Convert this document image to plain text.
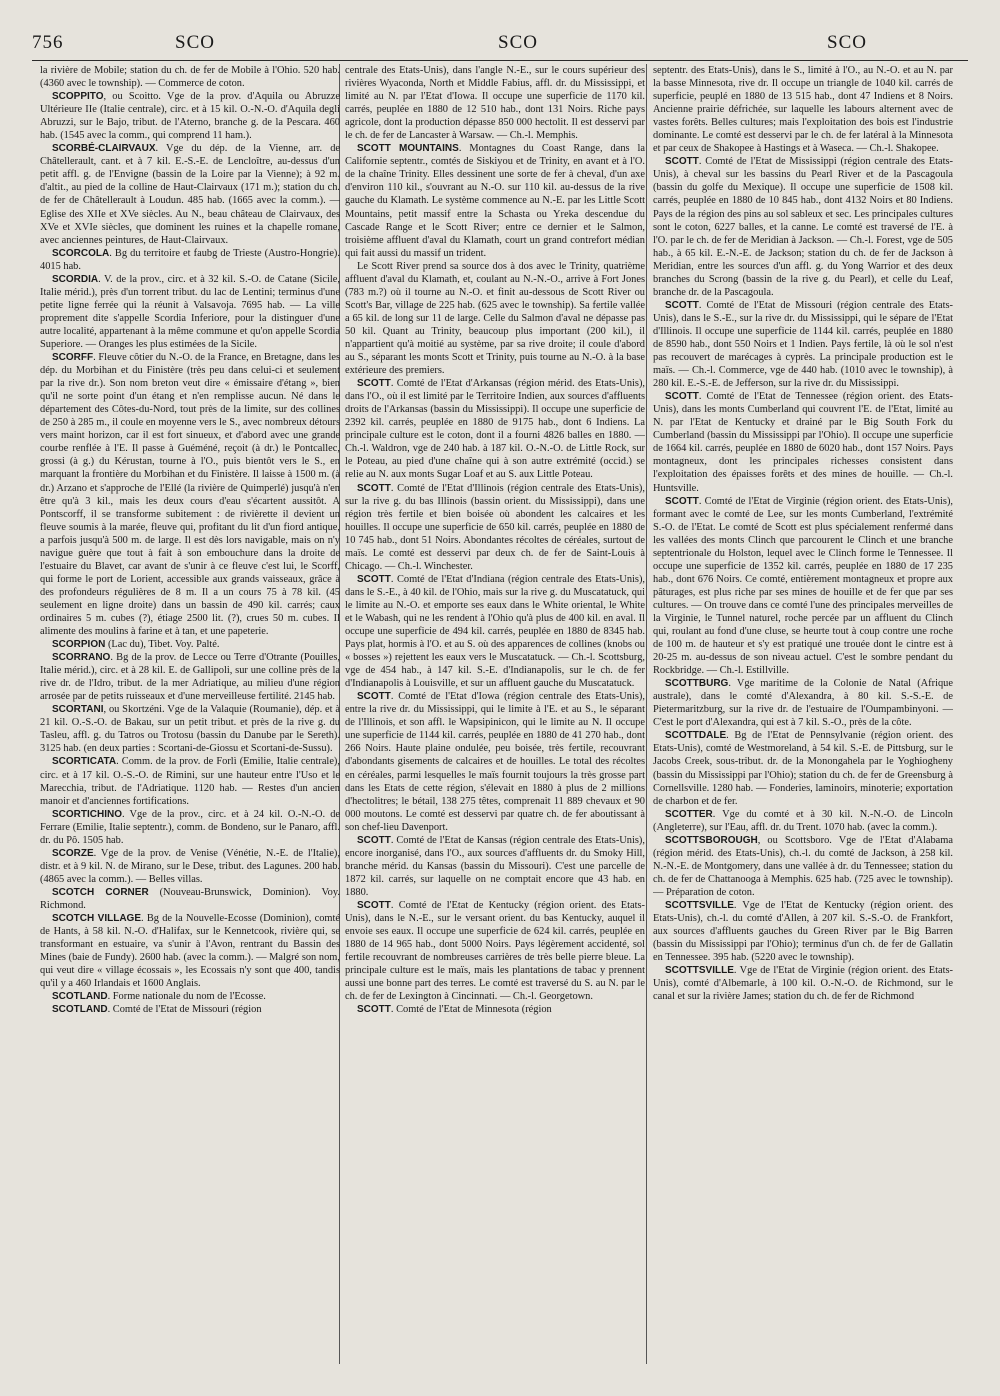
756	SCO	SCO	SCO

la rivière de Mobile; station du ch. de fer de Mobile à l'Ohio. 520 hab. (4360 avec le township). — Commerce de coton.

SCOPPITO, ou Scoitto. Vge de la prov. d'Aquila ou Abruzze Ultérieure IIe (Italie centrale), circ. et à 15 kil. O.-N.-O. d'Aquila degli Abruzzi, sur le Bajo, tribut. de l'Aterno, branche g. de la Pescara. 460 hab. (1545 avec la comm., qui comprend 11 ham.).

SCORBÉ-CLAIRVAUX. Vge du dép. de la Vienne, arr. de Châtellerault, cant. et à 7 kil. E.-S.-E. de Lencloître, au-dessus d'un petit affl. g. de l'Envigne (bassin de la Loire par la Vienne); à 92 m. d'altit., au pied de la colline de Haut-Clairvaux (171 m.); station du ch. de fer de Châtellerault à Loudun. 485 hab. (1665 avec la comm.). — Eglise des XIIe et XVe siècles. Au N., beau château de Clairvaux, des XVe et XVIe siècles, que dominent les ruines et la chapelle romane, avec anciennes peintures, de Haut-Clairvaux.

SCORCOLA. Bg du territoire et faubg de Trieste (Austro-Hongrie). 4015 hab.

SCORDIA. V. de la prov., circ. et à 32 kil. S.-O. de Catane (Sicile, Italie mérid.), près d'un torrent tribut. du lac de Lentini; terminus d'une petite ligne ferrée qui la réunit à Valsavoja. 7695 hab. — La ville proprement dite s'appelle Scordia Inferiore, pour la distinguer d'une autre localité, appartenant à la même commune et qu'on appelle Scordia Superiore. — Oranges les plus estimées de la Sicile.

SCORFF. Fleuve côtier du N.-O. de la France, en Bretagne, dans les dép. du Morbihan et du Finistère (très peu dans celui-ci et seulement par la rive dr.). Son nom breton veut dire « émissaire d'étang », bien qu'il ne sorte point d'un étang et n'en remplisse aucun. Né dans le département des Côtes-du-Nord, tout près de la limite, sur des collines de 250 à 285 m., il coule en moyenne vers le S., avec nombreux détours vers maint horizon, car il est fort sinueux, et d'abord avec une grande courbe renflée à l'E. Il passe à Guéméné, reçoit (à dr.) le Pontcallec, grossi (à g.) du Kérustan, tourne à l'O., puis bientôt vers le S., en marquant la frontière du Morbihan et du Finistère. Il laisse à 1500 m. (à dr.) Arzano et s'approche de l'Ellé (la rivière de Quimperlé) jusqu'à n'en être qu'à 3 kil., mais les deux cours d'eau s'écartent aussitôt. A Pontscorff, il se transforme subitement : de rivièrette il devient un fleuve soumis à la marée, fleuve qui, profitant du lit d'un fiord antique, a parfois jusqu'à 500 m. de large. Il est dès lors navigable, mais on n'y navigue guère que tout à fait à son embouchure dans la droite de l'estuaire du Blavet, car avant de s'unir à ce fleuve c'est lui, le Scorff, qui forme le port de Lorient, accessible aux grands vaisseaux, grâce à des profondeurs régulières de 8 m. Il a un cours 75 à 78 kil. (45 seulement en ligne droite) dans un bassin de 490 kil. carrés; caux ordinaires 5 m. cubes (?), étiage 2500 lit. (?), crues 50 m. cubes. Il alimente des moulins à farine et à tan, et une papeterie.

SCORPION (Lac du), Tibet. Voy. Palté.

SCORRANO. Bg de la prov. de Lecce ou Terre d'Otrante (Pouilles, Italie mérid.), circ. et à 28 kil. E. de Gallipoli, sur une colline près de la rive dr. de l'Idro, tribut. de la mer Adriatique, au milieu d'une région arrosée par de petits ruisseaux et d'une merveilleuse fertilité. 2145 hab.

SCORTANI, ou Skortzéni. Vge de la Valaquie (Roumanie), dép. et à 21 kil. O.-S.-O. de Bakau, sur un petit tribut. et près de la rive g. du Tasleu, affl. g. du Tatros ou Trotosu (bassin du Danube par le Sereth). 3125 hab. (en deux parties : Scortani-de-Giossu et Scortani-de-Sussu).

SCORTICATA. Comm. de la prov. de Forlì (Emilie, Italie centrale), circ. et à 17 kil. O.-S.-O. de Rimini, sur une hauteur entre l'Uso et le Marecchia, tribut. de l'Adriatique. 1120 hab. — Restes d'un ancien manoir et d'anciennes fortifications.

SCORTICHINO. Vge de la prov., circ. et à 24 kil. O.-N.-O. de Ferrare (Emilie, Italie septentr.), comm. de Bondeno, sur le Panaro, affl. dr. du Pô. 1505 hab.

SCORZE. Vge de la prov. de Venise (Vénétie, N.-E. de l'Italie), distr. et à 9 kil. N. de Mirano, sur le Dese, tribut. des Lagunes. 200 hab. (4865 avec la comm.). — Belles villas.

SCOTCH CORNER (Nouveau-Brunswick, Dominion). Voy. Richmond.

SCOTCH VILLAGE. Bg de la Nouvelle-Ecosse (Dominion), comté de Hants, à 58 kil. N.-O. d'Halifax, sur le Kennetcook, rivière qui, se transformant en estuaire, va s'unir à l'Avon, rentrant du Bassin des Mines (baie de Fundy). 2600 hab. (avec la comm.). — Malgré son nom, qui veut dire « village écossais », les Ecossais n'y sont que 400, tandis qu'il y a 460 Irlandais et 1600 Anglais.

SCOTLAND. Forme nationale du nom de l'Ecosse.

SCOTLAND. Comté de l'Etat de Missouri (région

centrale des Etats-Unis), dans l'angle N.-E., sur le cours supérieur des rivières Wyaconda, North et Middle Fabius, affl. dr. du Mississippi, et limité au N. par l'Etat d'Iowa. Il occupe une superficie de 1170 kil. carrés, peuplée en 1880 de 12 510 hab., dont 131 Noirs. Riche pays agricole, dont la production dépasse 850 000 hectolit. Il est desservi par le ch. de fer de Lancaster à Warsaw. — Ch.-l. Memphis.

SCOTT MOUNTAINS. Montagnes du Coast Range, dans la Californie septentr., comtés de Siskiyou et de Trinity, en avant et à l'O. de la chaîne Trinity. Elles dessinent une sorte de fer à cheval, d'un axe d'environ 110 kil., s'ouvrant au N.-O. sur 110 kil. au-dessus de la rive gauche du Klamath. Le système commence au N.-E. par les Little Scott Mountains, petit massif entre la Schasta ou Yreka descendue du Cascade Range et le Scott River; entre ce dernier et le Salmon, troisième affluent d'aval du Klamath, court un grand contrefort médian qui fait aussi du massif un trident.

Le Scott River prend sa source dos à dos avec le Trinity, quatrième affluent d'aval du Klamath, et, coulant au N.-N.-O., arrive à Fort Jones (783 m.?) où il tourne au N.-O. et finit au-dessous de Scott River ou Scott's Bar, village de 225 hab. (625 avec le township). Sa fertile vallée a 65 kil. de long sur 11 de large. Celle du Salmon d'aval ne dépasse pas 50 kil. Quant au Trinity, beaucoup plus important (200 kil.), il n'appartient qu'à moitié au système, par sa rive droite; il coule d'abord au S., séparant les monts Scott et Trinity, puis tourne au N.-O. à la base extérieure des premiers.

SCOTT. Comté de l'Etat d'Arkansas (région mérid. des Etats-Unis), dans l'O., où il est limité par le Territoire Indien, aux sources d'affluents droits de l'Arkansas (bassin du Mississippi). Il occupe une superficie de 2392 kil. carrés, peuplée en 1880 de 9175 hab., dont 6 Indiens. La principale culture est le coton, dont il a fourni 4826 balles en 1880. — Ch.-l. Waldron, vge de 240 hab. à 187 kil. O.-N.-O. de Little Rock, sur le Poteau, au pied d'une chaîne qui à son autre extrémité (occid.) se relie au N. aux monts Sugar Loaf et au S. aux Little Poteau.

SCOTT. Comté de l'Etat d'Illinois (région centrale des Etats-Unis), sur la rive g. du bas Illinois (bassin orient. du Mississippi), dans une région très fertile et bien boisée où abondent les calcaires et les houilles. Il occupe une superficie de 650 kil. carrés, peuplée en 1880 de 10 745 hab., dont 51 Noirs. Abondantes récoltes de céréales, surtout de maïs. Le comté est desservi par deux ch. de fer de Saint-Louis à Chicago. — Ch.-l. Winchester.

SCOTT. Comté de l'Etat d'Indiana (région centrale des Etats-Unis), dans le S.-E., à 40 kil. de l'Ohio, mais sur la rive g. du Muscatatuck, qui le limite au N.-O. et emporte ses eaux dans le White oriental, le White et le Wabash, qui ne les rendent à l'Ohio qu'à plus de 400 kil. en aval. Il occupe une superficie de 494 kil. carrés, peuplée en 1880 de 8345 hab. Pays plat, hormis à l'O. et au S. où des apparences de collines (knobs ou « bosses ») rejettent les eaux vers le Muscatatuck. — Ch.-l. Scottsburg, vge de 454 hab., à 147 kil. S.-E. d'Indianapolis, sur le ch. de fer d'Indianapolis à Louisville, et sur un affluent gauche du Muscatatuck.

SCOTT. Comté de l'Etat d'Iowa (région centrale des Etats-Unis), entre la rive dr. du Mississippi, qui le limite à l'E. et au S., le séparant de l'Illinois, et son affl. le Wapsipinicon, qui le limite au N. Il occupe une superficie de 1144 kil. carrés, peuplée en 1880 de 41 270 hab., dont 266 Noirs. Haute plaine ondulée, peu boisée, très fertile, recouvrant d'abondants gisements de calcaires et de houilles. Le total des récoltes en céréales, parmi lesquelles le maïs fournit toujours la très grosse part dans les Etats de cette région, s'élevait en 1880 à plus de 2 millions d'hectolitres; le bétail, 138 275 têtes, comprenait 11 889 chevaux et 90 000 moutons. Le comté est desservi par quatre ch. de fer aboutissant à son chef-lieu Davenport.

SCOTT. Comté de l'Etat de Kansas (région centrale des Etats-Unis), encore inorganisé, dans l'O., aux sources d'affluents dr. du Smoky Hill, branche mérid. du Kansas (bassin du Missouri). C'est une parcelle de 1872 kil. carrés, sur laquelle on ne comptait encore que 43 hab. en 1880.

SCOTT. Comté de l'Etat de Kentucky (région orient. des Etats-Unis), dans le N.-E., sur le versant orient. du bas Kentucky, auquel il envoie ses eaux. Il occupe une superficie de 624 kil. carrés, peuplée en 1880 de 14 965 hab., dont 5000 Noirs. Pays légèrement accidenté, sol fertile recouvrant de nombreuses carrières de très belle pierre bleue. La principale culture est le maïs, mais les plantations de tabac y prennent aussi une bonne part des terres. Le comté est traversé du S. au N. par le ch. de fer de Lexington à Cincinnati. — Ch.-l. Georgetown.

SCOTT. Comté de l'Etat de Minnesota (région

septentr. des Etats-Unis), dans le S., limité à l'O., au N.-O. et au N. par la basse Minnesota, rive dr. Il occupe un triangle de 1040 kil. carrés de superficie, peuplé en 1880 de 13 515 hab., dont 47 Indiens et 8 Noirs. Ancienne prairie défrichée, sur laquelle les labours alternent avec de vastes forêts. Belles cultures; mais l'exploitation des bois est l'industrie dominante. Le comté est desservi par le ch. de fer latéral à la Minnesota et par ceux de Shakopee à Hastings et à Waseca. — Ch.-l. Shakopee.

SCOTT. Comté de l'Etat de Mississippi (région centrale des Etats-Unis), à cheval sur les bassins du Pearl River et de la Pascagoula (bassin du golfe du Mexique). Il occupe une superficie de 1508 kil. carrés, peuplée en 1880 de 10 845 hab., dont 4132 Noirs et 80 Indiens. Pays de la région des pins au sol sableux et sec. Les principales cultures sont le coton, 6227 balles, et la canne. Le comté est traversé de l'E. à l'O. par le ch. de fer de Meridian à Jackson. — Ch.-l. Forest, vge de 505 hab., à 65 kil. E.-N.-E. de Jackson; station du ch. de fer de Jackson à Meridian, entre les sources d'un affl. g. du Yong Warrior et des deux branches du Scrong (bassin de la rive g. du Pearl), et celle du Leaf, branche dr. de la Pascagoula.

SCOTT. Comté de l'Etat de Missouri (région centrale des Etats-Unis), dans le S.-E., sur la rive dr. du Mississippi, qui le sépare de l'Etat d'Illinois. Il occupe une superficie de 1144 kil. carrés, peuplée en 1880 de 8590 hab., dont 550 Noirs et 1 Indien. Pays fertile, là où le sol n'est pas recouvert de marécages à cyprès. La principale production est le maïs. — Ch.-l. Commerce, vge de 440 hab. (1010 avec le township), à 280 kil. E.-S.-E. de Jefferson, sur la rive dr. du Mississippi.

SCOTT. Comté de l'Etat de Tennessee (région orient. des Etats-Unis), dans les monts Cumberland qui couvrent l'E. de l'Etat, limité au N. par l'Etat de Kentucky et drainé par le Big South Fork du Cumberland (bassin du Mississippi par l'Ohio). Il occupe une superficie de 1664 kil. carrés, peuplée en 1880 de 6020 hab., dont 157 Noirs. Pays montagneux, dont les principales richesses consistent dans l'exploitation des épaisses forêts et des mines de houille. — Ch.-l. Huntsville.

SCOTT. Comté de l'Etat de Virginie (région orient. des Etats-Unis), formant avec le comté de Lee, sur les monts Cumberland, l'extrémité S.-O. de l'Etat. Le comté de Scott est plus spécialement renfermé dans les vallées des monts Clinch que parcourent le Clinch et une branche septentrionale du Holston, lequel avec le Clinch forme le Tennessee. Il occupe une superficie de 1352 kil. carrés, peuplée en 1880 de 17 235 hab., dont 676 Noirs. Ce comté, entièrement montagneux et propre aux pâturages, est plus riche par ses mines de houille et de fer que par ses cultures. — On trouve dans ce comté l'une des principales merveilles de la Virginie, le Tunnel naturel, roche percée par un affluent du Clinch qui, roulant au fond d'une cluse, se heurte tout à coup contre une roche de 100 m. de hauteur et s'y est pratiqué une trouée dont le cintre est à 20-25 m. au-dessus de son niveau actuel. C'est le sombre pendant du Rockbridge. — Ch.-l. Estillville.

SCOTTBURG. Vge maritime de la Colonie de Natal (Afrique australe), dans le comté d'Alexandra, à 80 kil. S.-S.-E. de Pietermaritzburg, sur la rive dr. de l'estuaire de l'Oumpambinyoni. — C'est le port d'Alexandra, qui est à 7 kil. S.-O., près de la côte.

SCOTTDALE. Bg de l'Etat de Pennsylvanie (région orient. des Etats-Unis), comté de Westmoreland, à 54 kil. S.-E. de Pittsburg, sur le Jacobs Creek, sous-tribut. dr. de la Monongahela par le Yoghiogheny (bassin du Mississippi par l'Ohio); station du ch. de fer de Greensburg à Cornellsville. 1280 hab. — Fonderies, laminoirs, minoterie; exportation de charbon et de fer.

SCOTTER. Vge du comté et à 30 kil. N.-N.-O. de Lincoln (Angleterre), sur l'Eau, affl. dr. du Trent. 1070 hab. (avec la comm.).

SCOTTSBOROUGH, ou Scottsboro. Vge de l'Etat d'Alabama (région mérid. des Etats-Unis), ch.-l. du comté de Jackson, à 258 kil. N.-N.-E. de Montgomery, dans une vallée à dr. du Tennessee; station du ch. de fer de Chattanooga à Memphis. 625 hab. (725 avec le township). — Préparation de coton.

SCOTTSVILLE. Vge de l'Etat de Kentucky (région orient. des Etats-Unis), ch.-l. du comté d'Allen, à 207 kil. S.-S.-O. de Frankfort, aux sources d'affluents gauches du Green River par le Big Barren (bassin du Mississippi par l'Ohio); terminus d'un ch. de fer de Gallatin en Tennessee. 395 hab. (5220 avec le township).

SCOTTSVILLE. Vge de l'Etat de Virginie (région orient. des Etats-Unis), comté d'Albemarle, à 100 kil. O.-N.-O. de Richmond, sur le canal et sur la rivière James; station du ch. de fer de Richmond
